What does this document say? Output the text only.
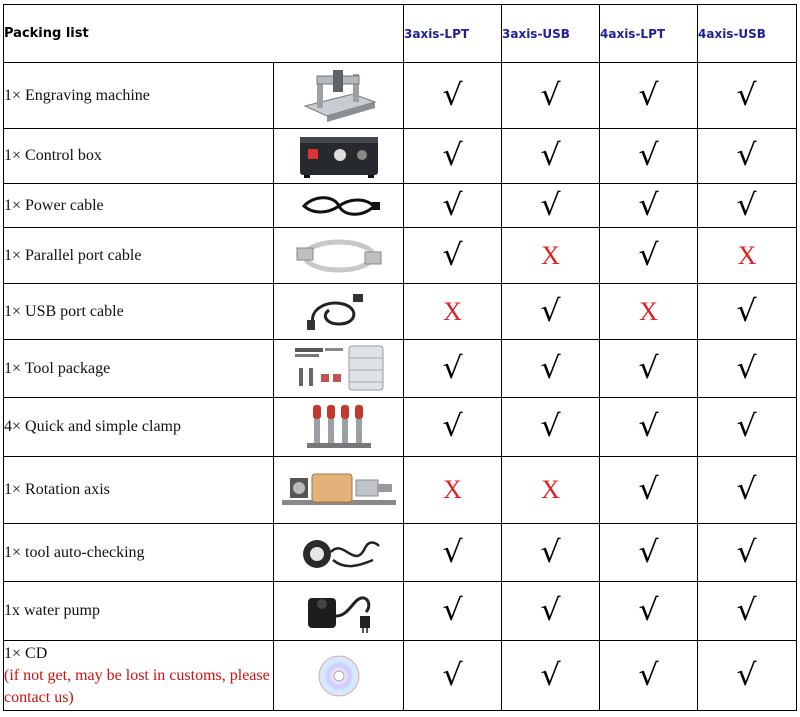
Packing list		3axis-LPT	3axis-USB	4axis-LPT	4axis-USB

1× Engraving machine		√	√	√	√

1× Control box		√	√	√	√

1× Power cable		√	√	√	√

1× Parallel port cable		√	X	√	X

1× USB port cable		X	√	X	√

1× Tool package		√	√	√	√

4× Quick and simple clamp		√	√	√	√

1× Rotation axis		X	X	√	√

1× tool auto-checking		√	√	√	√

1x water pump		√	√	√	√

1× CD
(if not get, may be lost in customs, please contact us)		√	√	√	√
